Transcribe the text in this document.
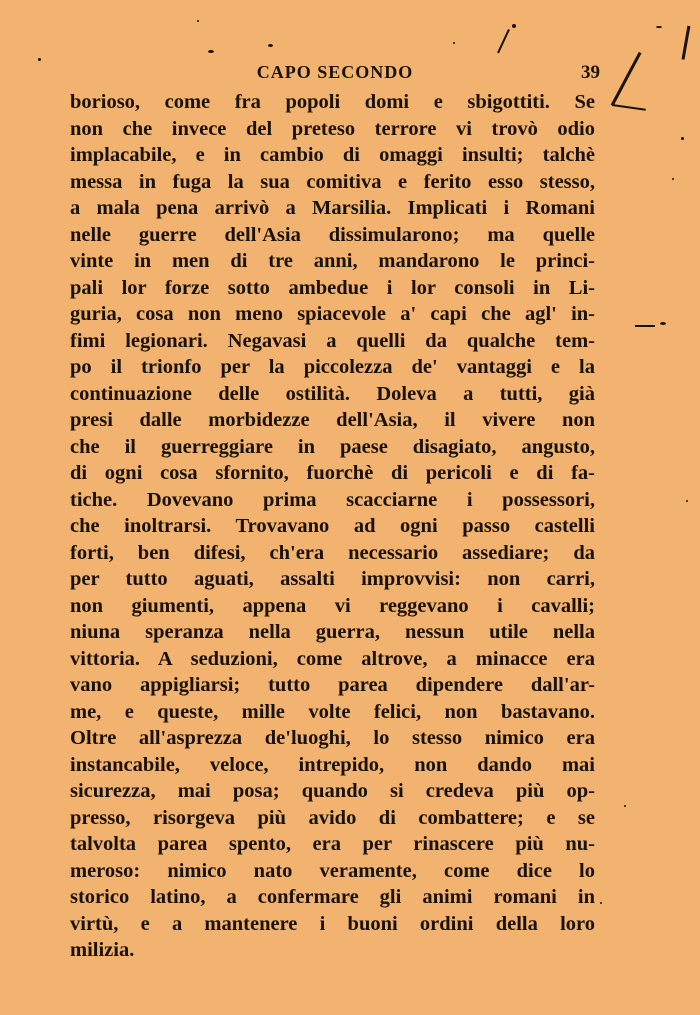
CAPO SECONDO	39
borioso, come fra popoli domi e sbigottiti. Se
non che invece del preteso terrore vi trovò odio
implacabile, e in cambio di omaggi insulti; talchè
messa in fuga la sua comitiva e ferito esso stesso,
a mala pena arrivò a Marsilia. Implicati i Romani
nelle guerre dell'Asia dissimularono; ma quelle
vinte in men di tre anni, mandarono le princi-
pali lor forze sotto ambedue i lor consoli in Li-
guria, cosa non meno spiacevole a' capi che agl' in-
fimi legionari. Negavasi a quelli da qualche tem-
po il trionfo per la piccolezza de' vantaggi e la
continuazione delle ostilità. Doleva a tutti, già
presi dalle morbidezze dell'Asia, il vivere non
che il guerreggiare in paese disagiato, angusto,
di ogni cosa sfornito, fuorchè di pericoli e di fa-
tiche. Dovevano prima scacciarne i possessori,
che inoltrarsi. Trovavano ad ogni passo castelli
forti, ben difesi, ch'era necessario assediare; da
per tutto aguati, assalti improvvisi: non carri,
non giumenti, appena vi reggevano i cavalli;
niuna speranza nella guerra, nessun utile nella
vittoria. A seduzioni, come altrove, a minacce era
vano appigliarsi; tutto parea dipendere dall'ar-
me, e queste, mille volte felici, non bastavano.
Oltre all'asprezza de'luoghi, lo stesso nimico era
instancabile, veloce, intrepido, non dando mai
sicurezza, mai posa; quando si credeva più op-
presso, risorgeva più avido di combattere; e se
talvolta parea spento, era per rinascere più nu-
meroso: nimico nato veramente, come dice lo
storico latino, a confermare gli animi romani in
virtù, e a mantenere i buoni ordini della loro
milizia.
